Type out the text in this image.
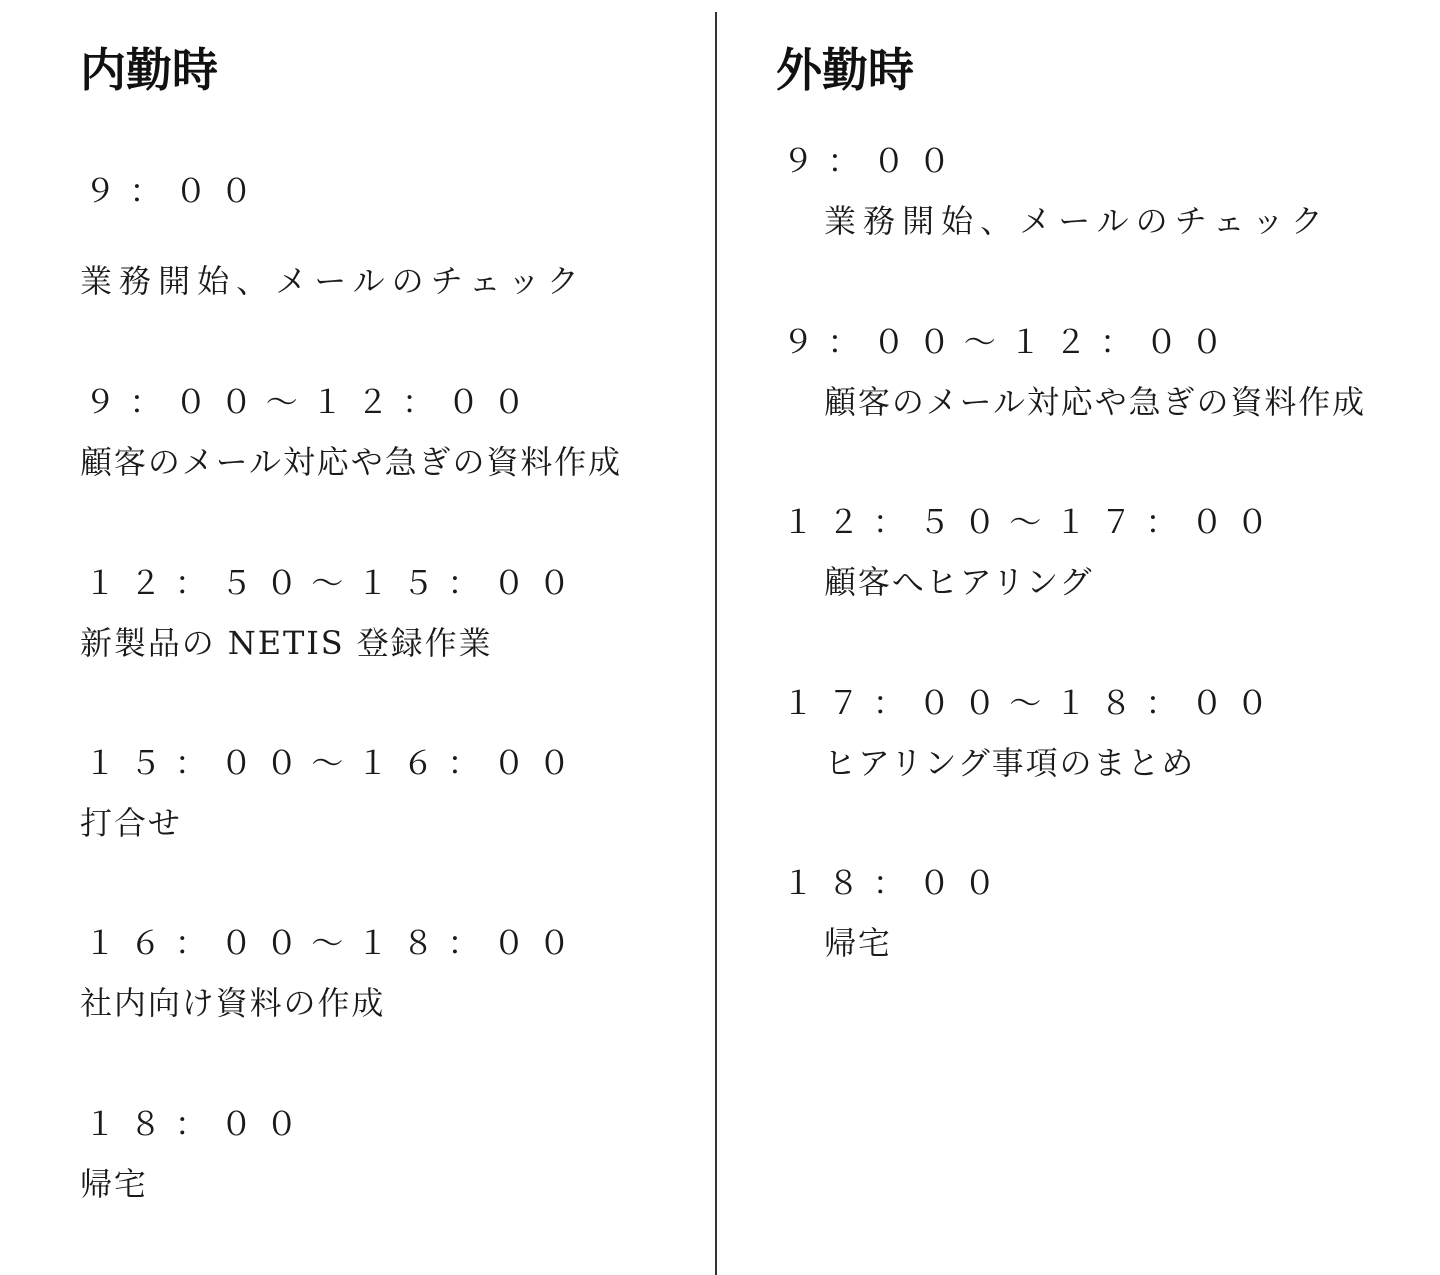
内勤時
９：００
業務開始、メールのチェック
９：００～１２：００
顧客のメール対応や急ぎの資料作成
１２：５０～１５：００
新製品の NETIS 登録作業
１５：００～１６：００
打合せ
１６：００～１８：００
社内向け資料の作成
１８：００
帰宅
外勤時
９：００
業務開始、メールのチェック
９：００～１２：００
顧客のメール対応や急ぎの資料作成
１２：５０～１７：００
顧客へヒアリング
１７：００～１８：００
ヒアリング事項のまとめ
１８：００
帰宅
